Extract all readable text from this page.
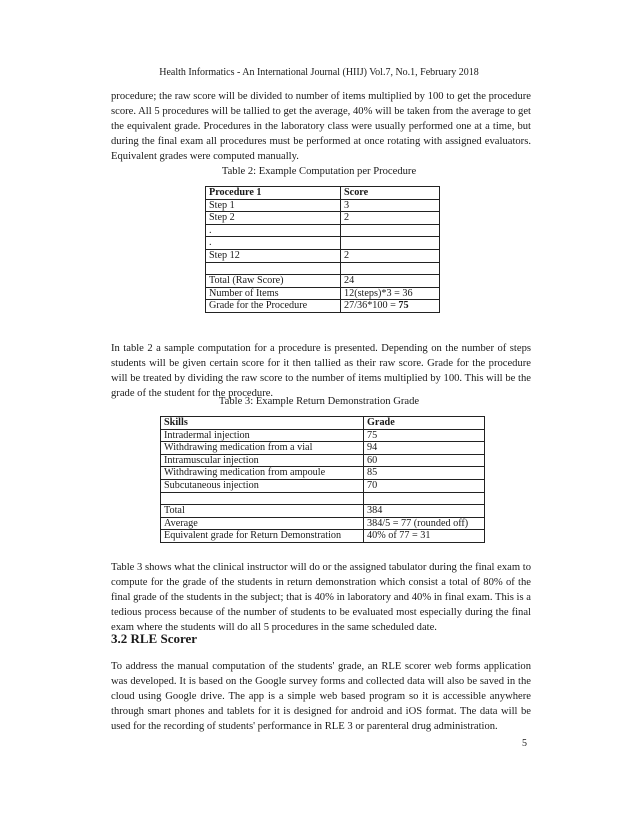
Health Informatics - An International Journal (HIIJ) Vol.7, No.1, February 2018

procedure; the raw score will be divided to number of items multiplied by 100 to get the procedure score. All 5 procedures will be tallied to get the average, 40% will be taken from the average to get the equivalent grade. Procedures in the laboratory class were usually performed one at a time, but during the final exam all procedures must be performed at once rotating with assigned evaluators. Equivalent grades were computed manually.

Table 2: Example Computation per Procedure

Procedure 1	Score
Step 1	3
Step 2	2
.	
.	
Step 12	2

Total (Raw Score)	24
Number of Items	12(steps)*3 = 36
Grade for the Procedure	27/36*100 = 75

In table 2 a sample computation for a procedure is presented. Depending on the number of steps students will be given certain score for it then tallied as their raw score. Grade for the procedure will be treated by dividing the raw score to the number of items multiplied by 100. This will be the grade of the student for the procedure.

Table 3: Example Return Demonstration Grade

Skills	Grade
Intradermal injection	75
Withdrawing medication from a vial	94
Intramuscular injection	60
Withdrawing medication from ampoule	85
Subcutaneous injection	70

Total	384
Average	384/5 = 77 (rounded off)
Equivalent grade for Return Demonstration	40% of 77 = 31

Table 3 shows what the clinical instructor will do or the assigned tabulator during the final exam to compute for the grade of the students in return demonstration which consist a total of 80% of the final grade of the students in the subject; that is 40% in laboratory and 40% in final exam. This is a tedious process because of the number of students to be evaluated most especially during the final exam where the students will do all 5 procedures in the same scheduled date.

3.2 RLE Scorer

To address the manual computation of the students' grade, an RLE scorer web forms application was developed. It is based on the Google survey forms and collected data will also be saved in the cloud using Google drive. The app is a simple web based program so it is accessible anywhere through smart phones and tablets for it is designed for android and iOS format. The data will be used for the recording of students' performance in RLE 3 or parenteral drug administration.

5
